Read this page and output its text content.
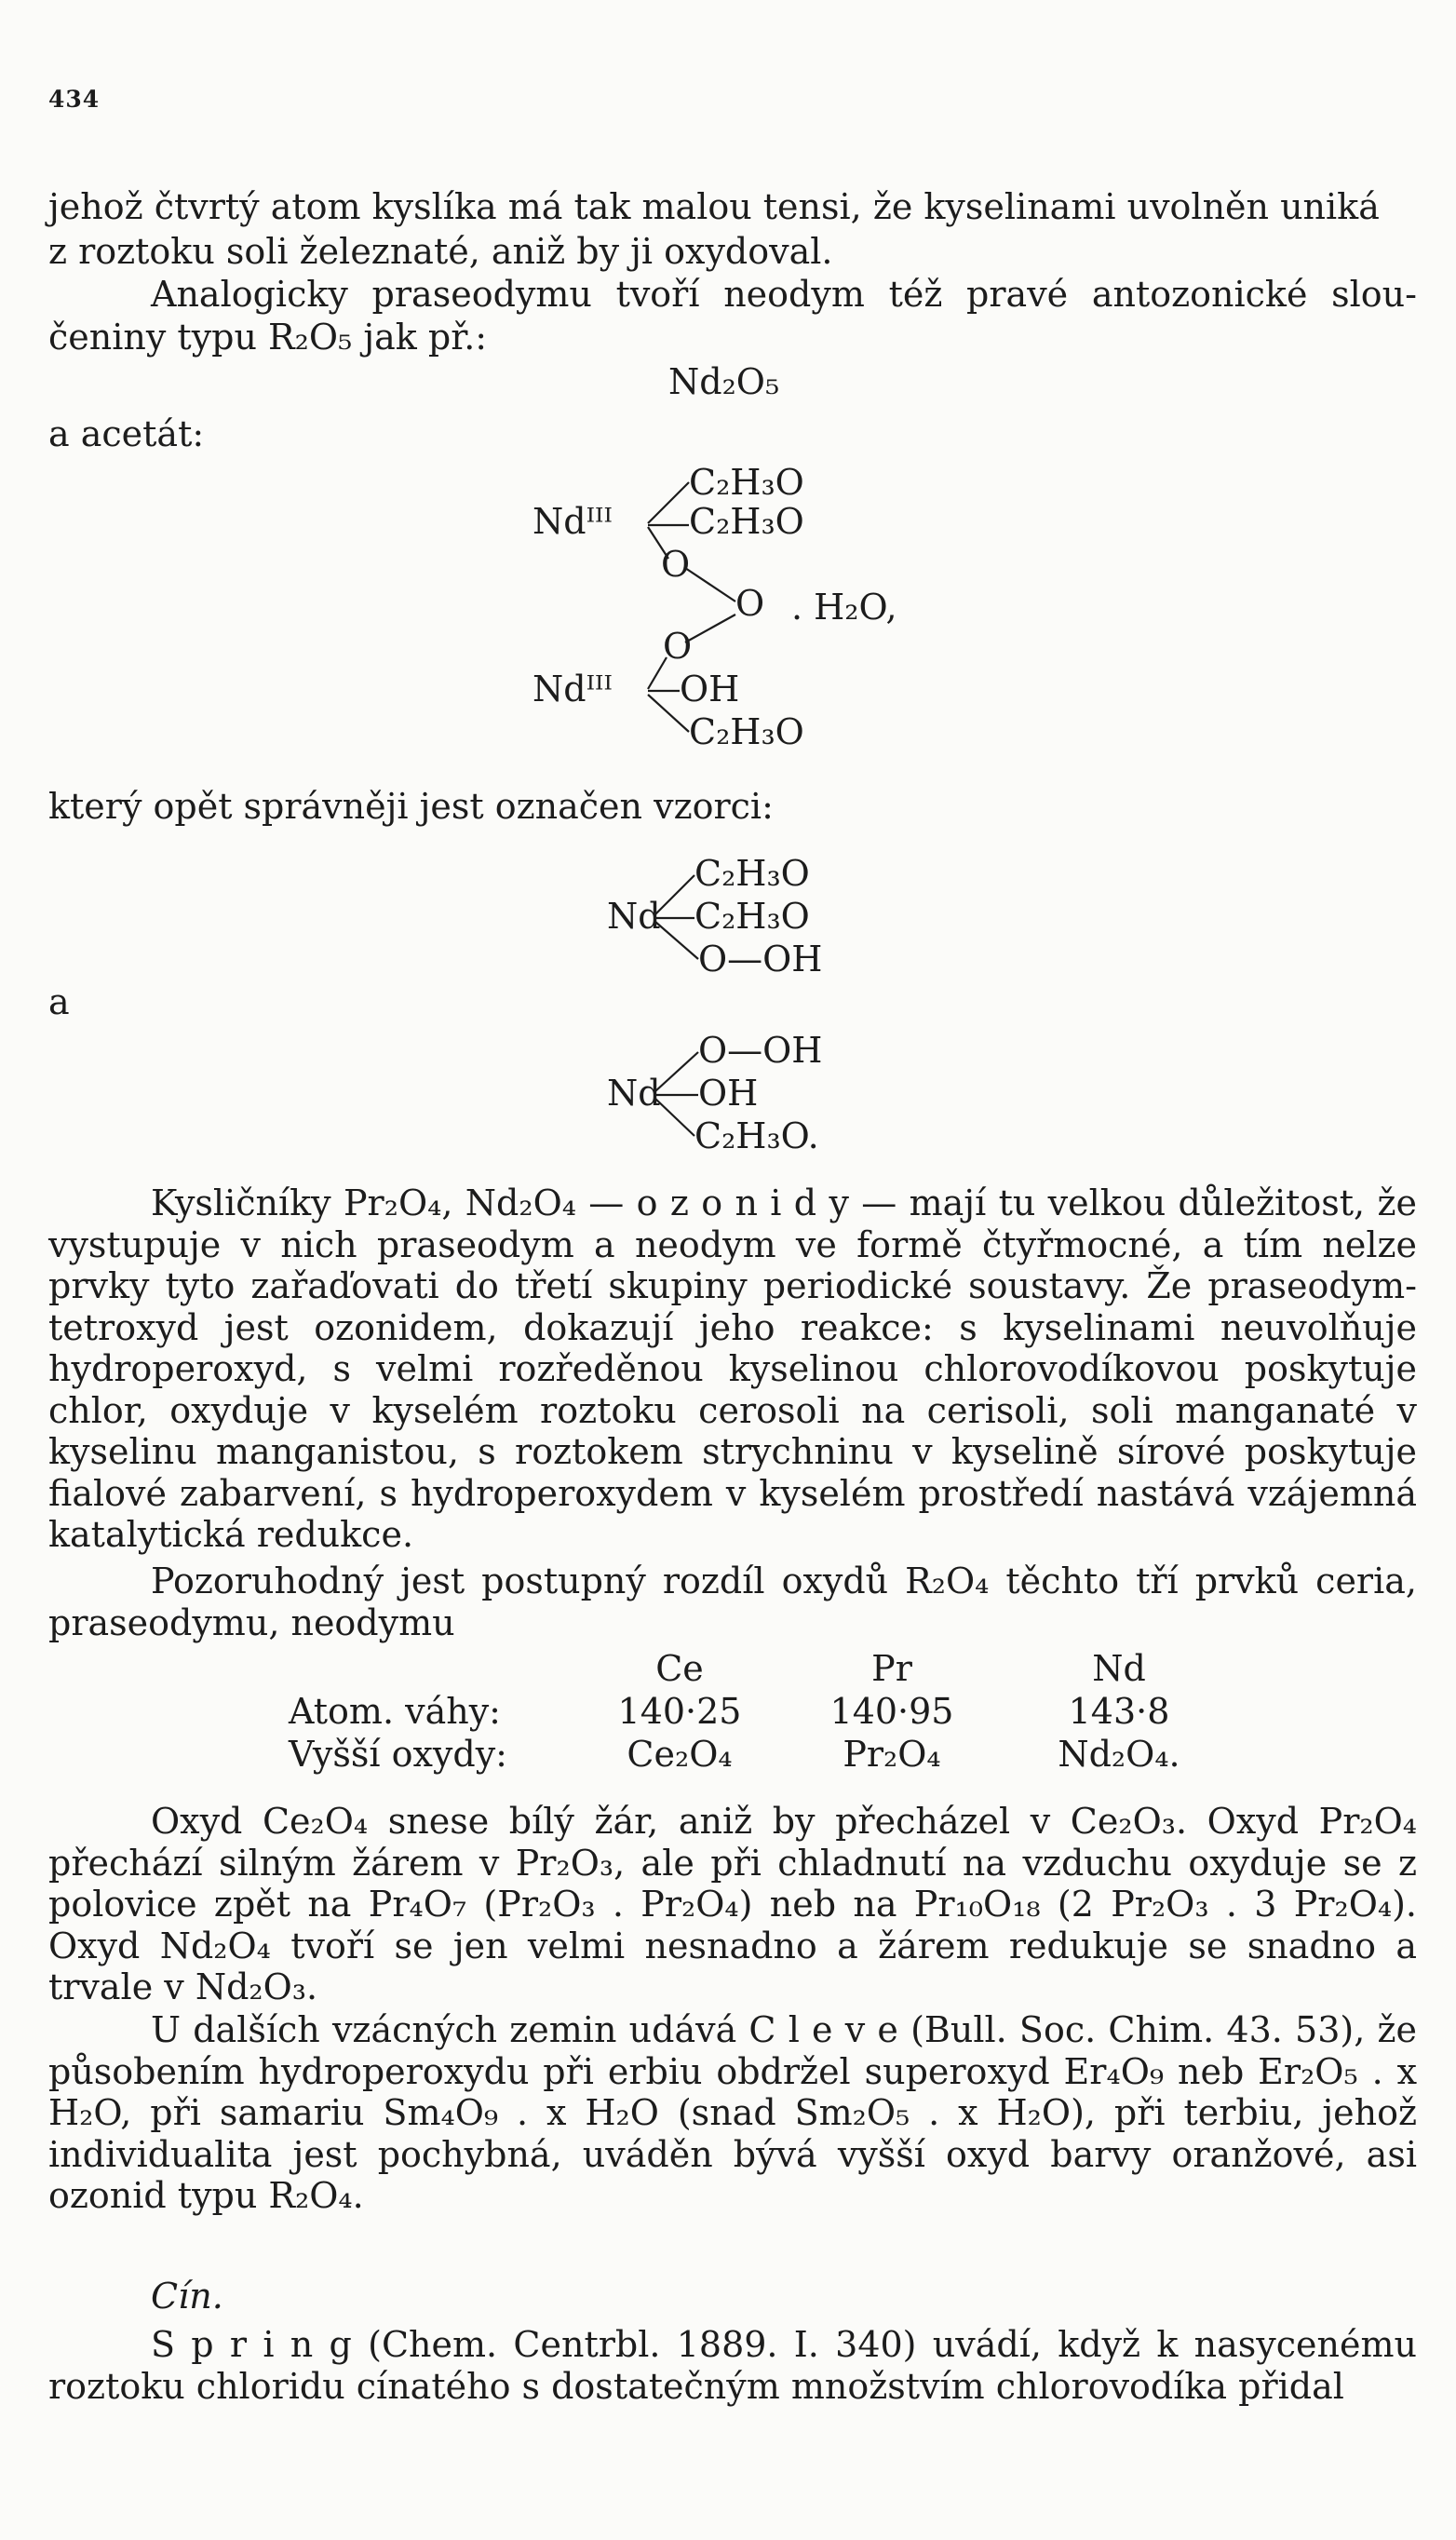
434
jehož čtvrtý atom kyslíka má tak malou tensi, že kyselinami uvolněn uniká
z roztoku soli železnaté, aniž by ji oxydoval.
Analogicky praseodymu tvoří neodym též pravé antozonické slou-
čeniny typu R₂O₅ jak př.:
Nd₂O₅
a acetát:
C₂H₃O
Ndᴵᴵᴵ C₂H₃O
O
O . H₂O,
O
Ndᴵᴵᴵ OH
C₂H₃O
který opět správněji jest označen vzorci:
C₂H₃O
Nd C₂H₃O
O—OH
a
O—OH
Nd OH
C₂H₃O.
Kysličníky Pr₂O₄, Nd₂O₄ — o z o n i d y — mají tu velkou důležitost, že vystupuje v nich praseodym a neodym ve formě čtyřmocné, a tím nelze prvky tyto zařaďovati do třetí skupiny periodické soustavy. Že praseodym-tetroxyd jest ozonidem, dokazují jeho reakce: s kyselinami neuvolňuje hydroperoxyd, s velmi rozředěnou kyselinou chlorovodíkovou poskytuje chlor, oxyduje v kyselém roztoku cerosoli na cerisoli, soli manganaté v kyselinu manganistou, s roztokem strychninu v kyselině sírové poskytuje fialové zabarvení, s hydroperoxydem v kyselém prostředí nastává vzájemná katalytická redukce.
Pozoruhodný jest postupný rozdíl oxydů R₂O₄ těchto tří prvků ceria, praseodymu, neodymu
Ce	Pr	Nd
Atom. váhy:	140·25	140·95	143·8
Vyšší oxydy:	Ce₂O₄	Pr₂O₄	Nd₂O₄.
Oxyd Ce₂O₄ snese bílý žár, aniž by přecházel v Ce₂O₃. Oxyd Pr₂O₄ přechází silným žárem v Pr₂O₃, ale při chladnutí na vzduchu oxyduje se z polovice zpět na Pr₄O₇ (Pr₂O₃ . Pr₂O₄) neb na Pr₁₀O₁₈ (2 Pr₂O₃ . 3 Pr₂O₄). Oxyd Nd₂O₄ tvoří se jen velmi nesnadno a žárem redukuje se snadno a trvale v Nd₂O₃.
U dalších vzácných zemin udává C l e v e (Bull. Soc. Chim. 43. 53), že působením hydroperoxydu při erbiu obdržel superoxyd Er₄O₉ neb Er₂O₅ . x H₂O, při samariu Sm₄O₉ . x H₂O (snad Sm₂O₅ . x H₂O), při terbiu, jehož individualita jest pochybná, uváděn bývá vyšší oxyd barvy oranžové, asi ozonid typu R₂O₄.
Cín.
S p r i n g (Chem. Centrbl. 1889. I. 340) uvádí, když k nasycenému roztoku chloridu cínatého s dostatečným množstvím chlorovodíka přidal
